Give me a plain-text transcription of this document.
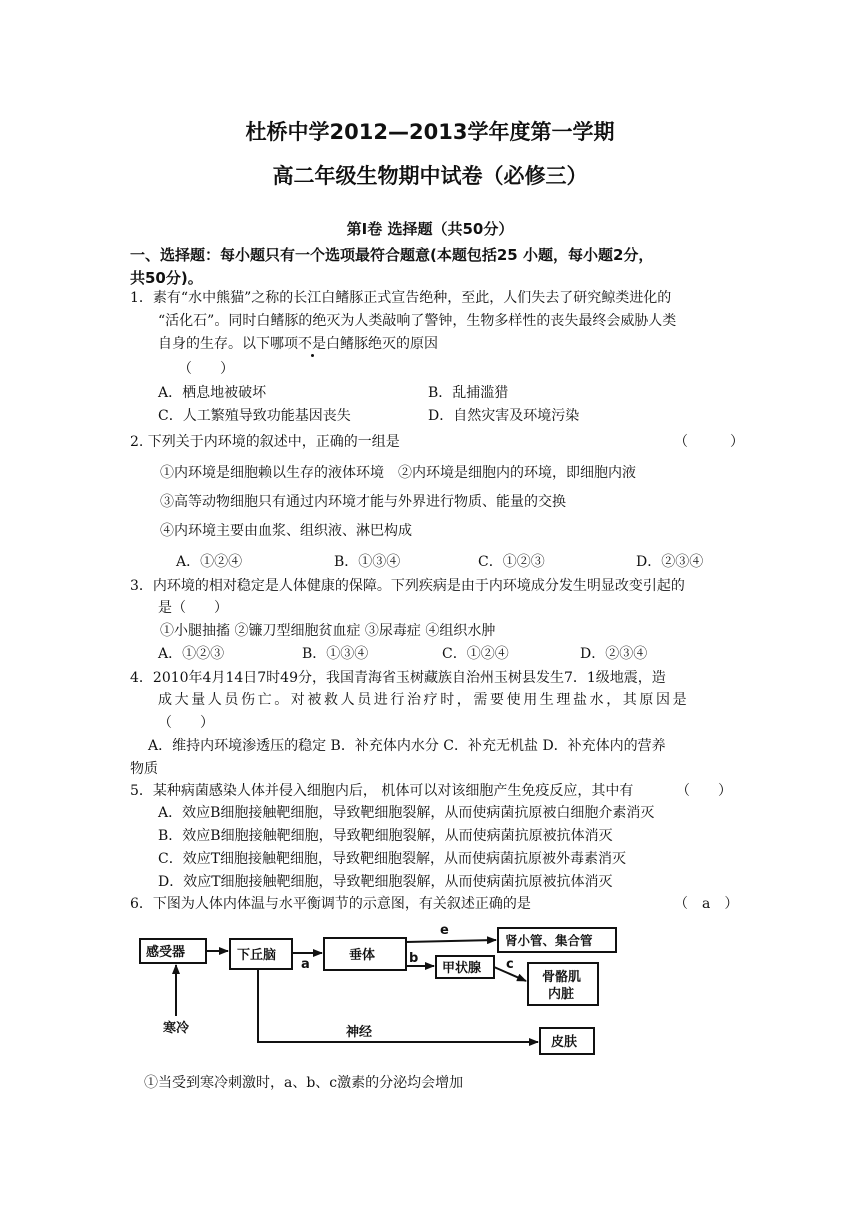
杜桥中学2012—2013学年度第一学期
高二年级生物期中试卷（必修三）
第Ⅰ卷 选择题（共50分）
一、选择题：每小题只有一个选项最符合题意(本题包括25 小题，每小题2分，
共50分)。
1．素有“水中熊猫”之称的长江白鳍豚正式宣告绝种，至此，人们失去了研究鲸类进化的
“活化石”。同时白鳍豚的绝灭为人类敲响了警钟，生物多样性的丧失最终会威胁人类
自身的生存。以下哪项不是白鳍豚绝灭的原因
（　　）
A．栖息地被破坏	B．乱捕滥猎
C．人工繁殖导致功能基因丧失	D．自然灾害及环境污染
2. 下列关于内环境的叙述中，正确的一组是	（　　　）
①内环境是细胞赖以生存的液体环境　②内环境是细胞内的环境，即细胞内液
③高等动物细胞只有通过内环境才能与外界进行物质、能量的交换
④内环境主要由血浆、组织液、淋巴构成
A．①②④	B．①③④	C．①②③	D．②③④
3．内环境的相对稳定是人体健康的保障。下列疾病是由于内环境成分发生明显改变引起的
是（　　）
①小腿抽搐 ②镰刀型细胞贫血症 ③尿毒症 ④组织水肿
A．①②③	B．①③④	C．①②④	D．②③④
4．2010年4月14日7时49分，我国青海省玉树藏族自治州玉树县发生7．1级地震，造
成大量人员伤亡。对被救人员进行治疗时，需要使用生理盐水，其原因是
（　　）
A．维持内环境渗透压的稳定 B．补充体内水分 C．补充无机盐 D．补充体内的营养
物质
5．某种病菌感染人体并侵入细胞内后， 机体可以对该细胞产生免疫反应，其中有	（　　）
A．效应B细胞接触靶细胞，导致靶细胞裂解，从而使病菌抗原被白细胞介素消灭
B．效应B细胞接触靶细胞，导致靶细胞裂解，从而使病菌抗原被抗体消灭
C．效应T细胞接触靶细胞，导致靶细胞裂解，从而使病菌抗原被外毒素消灭
D．效应T细胞接触靶细胞，导致靶细胞裂解，从而使病菌抗原被抗体消灭
6．下图为人体内体温与水平衡调节的示意图，有关叙述正确的是	（　a　）
感受器	下丘脑	垂体
肾小管、集合管
甲状腺
骨骼肌
内脏
皮肤
寒冷	神经
a	b	c
e
①当受到寒冷刺激时，a、b、c激素的分泌均会增加
